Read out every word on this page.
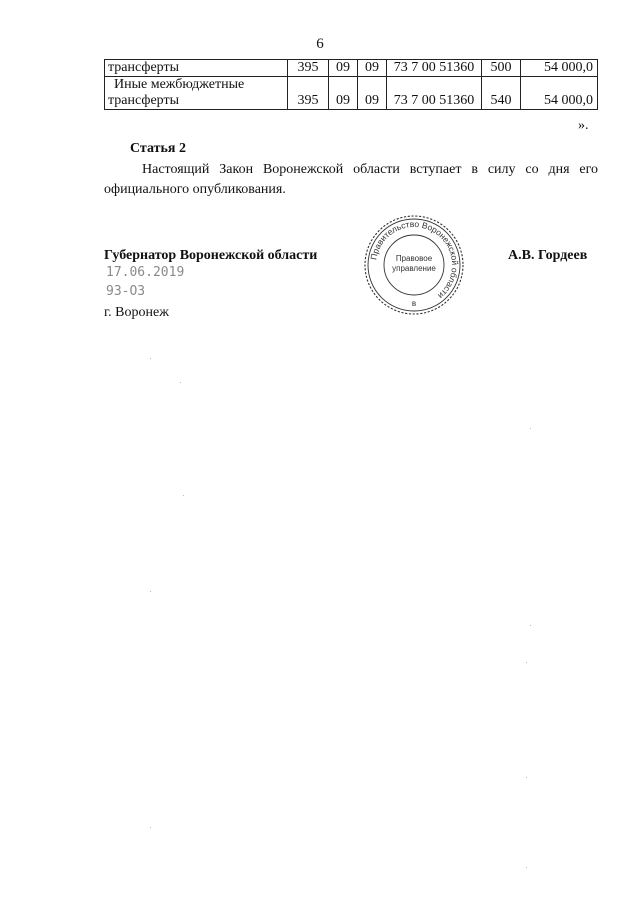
6
трансферты	395	09	09	73 7 00 51360	500	54 000,0
Иные межбюджетные трансферты	395	09	09	73 7 00 51360	540	54 000,0
».
Статья 2

Настоящий Закон Воронежской области вступает в силу со дня его официального опубликования.

Губернатор Воронежской области	А.В. Гордеев
17.06.2019
93-ОЗ
г. Воронеж
Правительство Воронежской области
Правовое
управление
в
